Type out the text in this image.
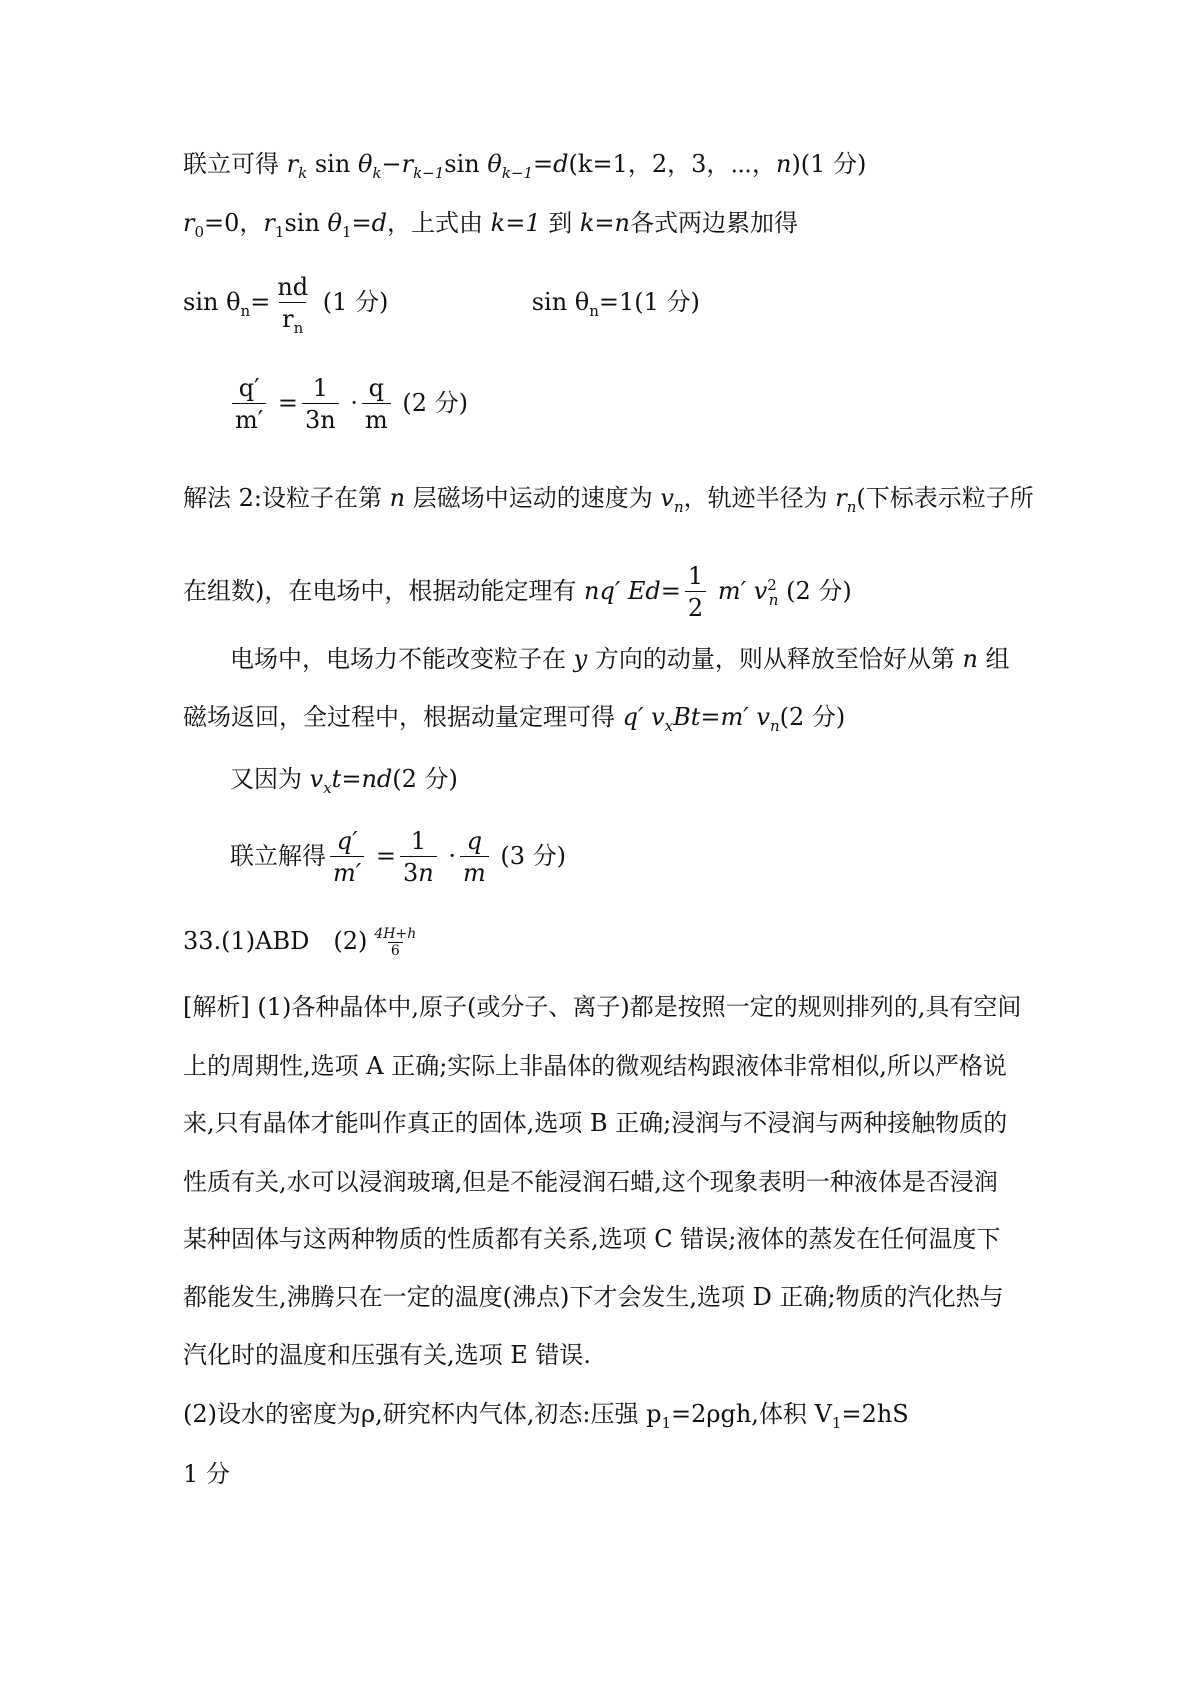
联立可得 $r_k$ $\sin \theta_k-r_{k-1}\sin$ $\theta_{k-1}=d(k=1$，2，3，⋯，n)(1 分)
$r_0=0$，$r_1\sin$ $\theta_1=d$，上式由 k=1 到 k=n各式两边累加得
$\sin \theta_n= \frac{nd}{r_n} (1$ 分)	$\sin \theta_n=1(1$ 分)
$\frac{q'}{m'} = \frac{1}{3n} \cdot \frac{q}{m} (2$ 分)
解法 2:设粒子在第 n 层磁场中运动的速度为 $v_n$，轨迹半径为 $r_n$(下标表示粒子所
在组数)，在电场中，根据动能定理有 nq′ $Ed= \frac{1}{2} m'$ $v^2_n$ (2 分)
电场中，电场力不能改变粒子在 y 方向的动量，则从释放至恰好从第 n 组
磁场返回，全过程中，根据动量定理可得 q′ $v_xBt=m'$ $v_n(2$ 分)
又因为 $v_xt=nd(2$ 分)
联立解得 $\frac{q'}{m'} = \frac{1}{3n} \cdot \frac{q}{m} (3$ 分)
33.(1)ABD $(2) \frac{4H+h}{6}$
[解析] (1)各种晶体中,原子(或分子、离子)都是按照一定的规则排列的,具有空间
上的周期性,选项 A 正确;实际上非晶体的微观结构跟液体非常相似,所以严格说
来,只有晶体才能叫作真正的固体,选项 B 正确;浸润与不浸润与两种接触物质的
性质有关,水可以浸润玻璃,但是不能浸润石蜡,这个现象表明一种液体是否浸润
某种固体与这两种物质的性质都有关系,选项 C 错误;液体的蒸发在任何温度下
都能发生,沸腾只在一定的温度(沸点)下才会发生,选项 D 正确;物质的汽化热与
汽化时的温度和压强有关,选项 E 错误.
(2)设水的密度为ρ,研究杯内气体,初态:压强 $p_1=2\rho gh$,体积 $V_1=2hS$
1 分
